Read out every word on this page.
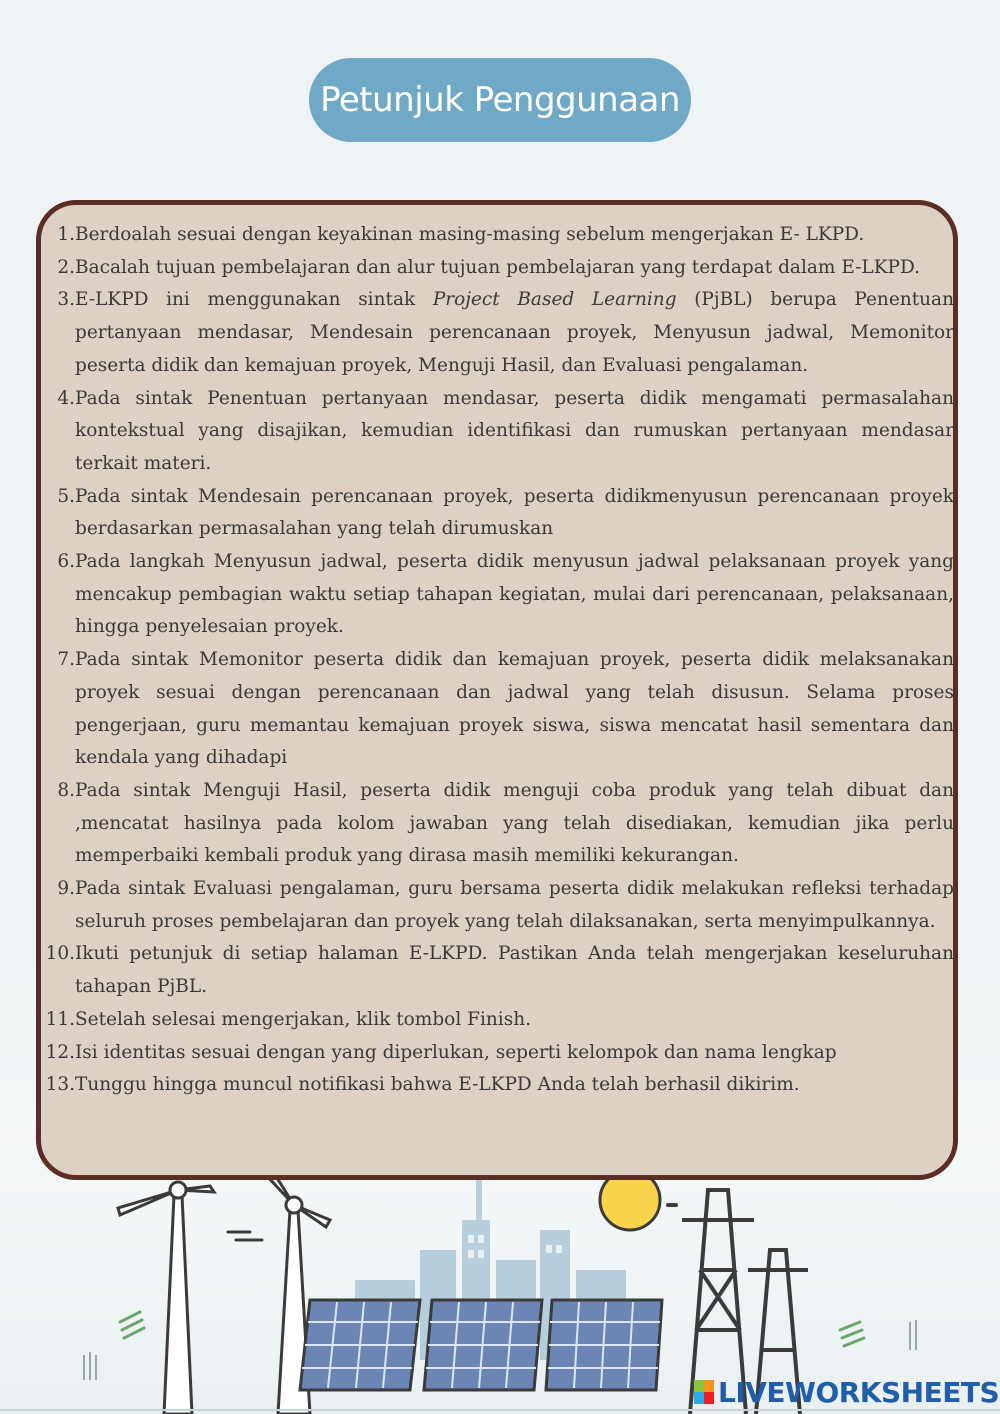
Petunjuk Penggunaan
1. Berdoalah sesuai dengan keyakinan masing-masing sebelum mengerjakan E- LKPD.
2. Bacalah tujuan pembelajaran dan alur tujuan pembelajaran yang terdapat dalam E-LKPD.
3. E-LKPD ini menggunakan sintak Project Based Learning (PjBL) berupa Penentuan pertanyaan mendasar, Mendesain perencanaan proyek, Menyusun jadwal, Memonitor peserta didik dan kemajuan proyek, Menguji Hasil, dan Evaluasi pengalaman.
4. Pada sintak Penentuan pertanyaan mendasar, peserta didik mengamati permasalahan kontekstual yang disajikan, kemudian identifikasi dan rumuskan pertanyaan mendasar terkait materi.
5. Pada sintak Mendesain perencanaan proyek, peserta didikmenyusun perencanaan proyek berdasarkan permasalahan yang telah dirumuskan
6. Pada langkah Menyusun jadwal, peserta didik menyusun jadwal pelaksanaan proyek yang mencakup pembagian waktu setiap tahapan kegiatan, mulai dari perencanaan, pelaksanaan, hingga penyelesaian proyek.
7. Pada sintak Memonitor peserta didik dan kemajuan proyek, peserta didik melaksanakan proyek sesuai dengan perencanaan dan jadwal yang telah disusun. Selama proses pengerjaan, guru memantau kemajuan proyek siswa, siswa mencatat hasil sementara dan kendala yang dihadapi
8. Pada sintak Menguji Hasil, peserta didik menguji coba produk yang telah dibuat dan ,mencatat hasilnya pada kolom jawaban yang telah disediakan, kemudian jika perlu memperbaiki kembali produk yang dirasa masih memiliki kekurangan.
9. Pada sintak Evaluasi pengalaman, guru bersama peserta didik melakukan refleksi terhadap seluruh proses pembelajaran dan proyek yang telah dilaksanakan, serta menyimpulkannya.
10. Ikuti petunjuk di setiap halaman E-LKPD. Pastikan Anda telah mengerjakan keseluruhan tahapan PjBL.
11. Setelah selesai mengerjakan, klik tombol Finish.
12. Isi identitas sesuai dengan yang diperlukan, seperti kelompok dan nama lengkap
13. Tunggu hingga muncul notifikasi bahwa E-LKPD Anda telah berhasil dikirim.
LIVEWORKSHEETS
